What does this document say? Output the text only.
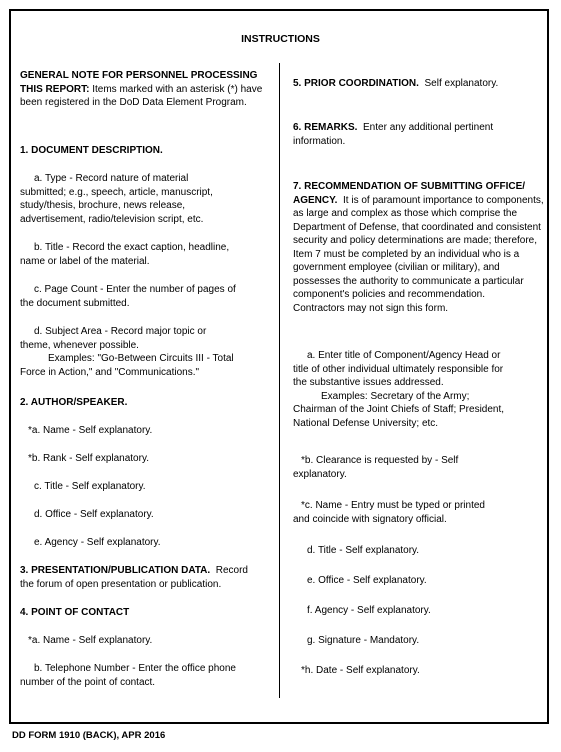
INSTRUCTIONS
GENERAL NOTE FOR PERSONNEL PROCESSING THIS REPORT: Items marked with an asterisk (*) have been registered in the DoD Data Element Program.
1. DOCUMENT DESCRIPTION.
a. Type - Record nature of material
submitted; e.g., speech, article, manuscript,
study/thesis, brochure, news release,
advertisement, radio/television script, etc.
b. Title - Record the exact caption, headline,
name or label of the material.
c. Page Count - Enter the number of pages of
the document submitted.
d. Subject Area - Record major topic or
theme, whenever possible.
Examples: "Go-Between Circuits III - Total
Force in Action," and "Communications."
2. AUTHOR/SPEAKER.
*a. Name - Self explanatory.
*b. Rank - Self explanatory.
c. Title - Self explanatory.
d. Office - Self explanatory.
e. Agency - Self explanatory.
3. PRESENTATION/PUBLICATION DATA. Record
the forum of open presentation or publication.
4. POINT OF CONTACT
*a. Name - Self explanatory.
b. Telephone Number - Enter the office phone
number of the point of contact.
5. PRIOR COORDINATION. Self explanatory.
6. REMARKS. Enter any additional pertinent
information.
7. RECOMMENDATION OF SUBMITTING OFFICE/
AGENCY. It is of paramount importance to components,
as large and complex as those which comprise the
Department of Defense, that coordinated and consistent
security and policy determinations are made; therefore,
Item 7 must be completed by an individual who is a
government employee (civilian or military), and
possesses the authority to communicate a particular
component's policies and recommendation.
Contractors may not sign this form.
a. Enter title of Component/Agency Head or
title of other individual ultimately responsible for
the substantive issues addressed.
Examples: Secretary of the Army;
Chairman of the Joint Chiefs of Staff; President,
National Defense University; etc.
*b. Clearance is requested by - Self
explanatory.
*c. Name - Entry must be typed or printed
and coincide with signatory official.
d. Title - Self explanatory.
e. Office - Self explanatory.
f. Agency - Self explanatory.
g. Signature - Mandatory.
*h. Date - Self explanatory.
DD FORM 1910 (BACK), APR 2016
